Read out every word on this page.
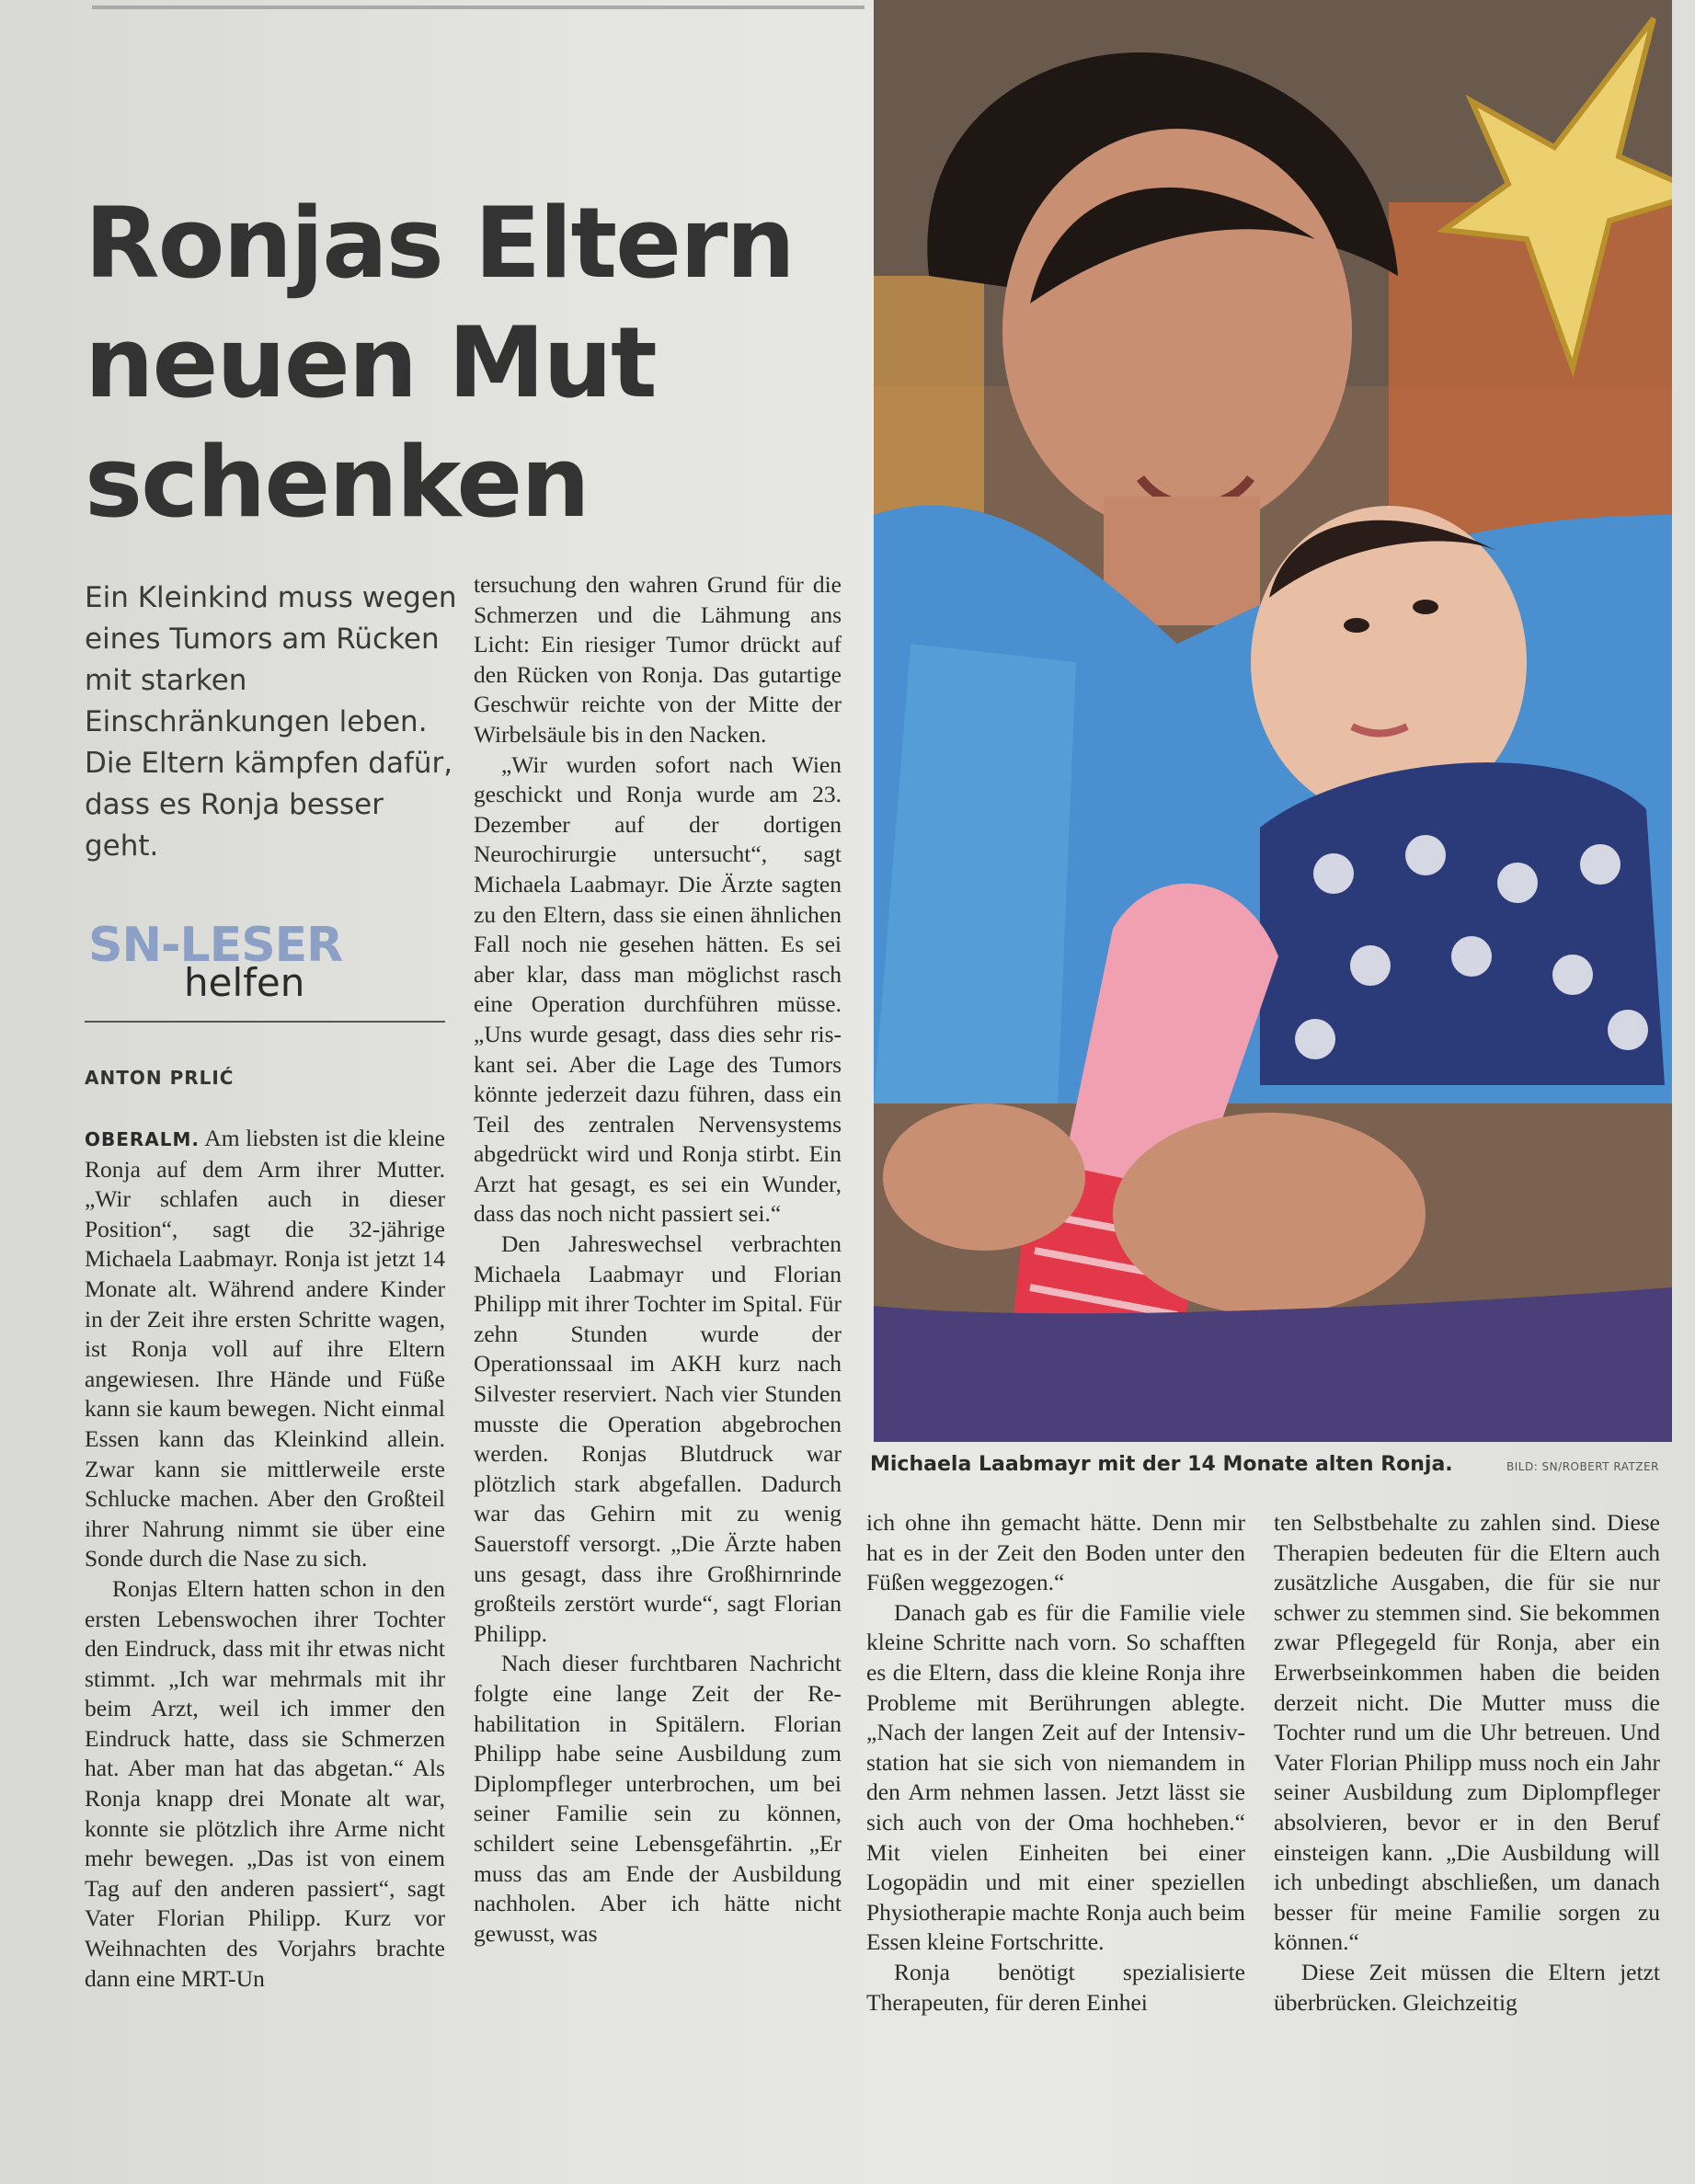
Ronjas Eltern neuen Mut schenken
Ein Kleinkind muss wegen eines Tumors am Rücken mit starken Einschränkungen leben. Die Eltern kämpfen dafür, dass es Ronja besser geht.
SN-LESER
helfen
ANTON PRLIĆ

OBERALM. Am liebsten ist die kleine Ronja auf dem Arm ihrer Mutter. „Wir schlafen auch in dieser Position“, sagt die 32-jährige Michaela Laabmayr. Ronja ist jetzt 14 Monate alt. Während andere Kinder in der Zeit ihre ersten Schritte wagen, ist Ronja voll auf ihre Eltern angewiesen. Ihre Hände und Füße kann sie kaum bewegen. Nicht einmal Essen kann das Kleinkind allein. Zwar kann sie mittlerweile erste Schlucke machen. Aber den Großteil ihrer Nahrung nimmt sie über eine Sonde durch die Nase zu sich.

Ronjas Eltern hatten schon in den ersten Lebenswochen ihrer Tochter den Eindruck, dass mit ihr etwas nicht stimmt. „Ich war mehrmals mit ihr beim Arzt, weil ich immer den Eindruck hatte, dass sie Schmerzen hat. Aber man hat das abgetan.“ Als Ronja knapp drei Monate alt war, konnte sie plötzlich ihre Arme nicht mehr bewegen. „Das ist von einem Tag auf den anderen passiert“, sagt Vater Florian Philipp. Kurz vor Weihnachten des Vorjahrs brachte dann eine MRT-Un

tersuchung den wahren Grund für die Schmerzen und die Lähmung ans Licht: Ein riesiger Tumor drückt auf den Rücken von Ronja. Das gutartige Geschwür reichte von der Mitte der Wirbelsäule bis in den Nacken.

„Wir wurden sofort nach Wien geschickt und Ronja wurde am 23. Dezember auf der dortigen Neurochirurgie untersucht“, sagt Michaela Laabmayr. Die Ärzte sagten zu den Eltern, dass sie einen ähnlichen Fall noch nie gesehen hätten. Es sei aber klar, dass man möglichst rasch eine Operation durchführen müsse. „Uns wurde gesagt, dass dies sehr riskant sei. Aber die Lage des Tumors könnte jederzeit dazu führen, dass ein Teil des zentralen Nervensystems abgedrückt wird und Ronja stirbt. Ein Arzt hat gesagt, es sei ein Wunder, dass das noch nicht passiert sei.“

Den Jahreswechsel verbrachten Michaela Laabmayr und Florian Philipp mit ihrer Tochter im Spital. Für zehn Stunden wurde der Operationssaal im AKH kurz nach Silvester reserviert. Nach vier Stunden musste die Operation abgebrochen werden. Ronjas Blutdruck war plötzlich stark abgefallen. Dadurch war das Gehirn mit zu wenig Sauerstoff versorgt. „Die Ärzte haben uns gesagt, dass ihre Großhirnrinde großteils zerstört wurde“, sagt Florian Philipp.

Nach dieser furchtbaren Nachricht folgte eine lange Zeit der Rehabilitation in Spitälern. Florian Philipp habe seine Ausbildung zum Diplompfleger unterbrochen, um bei seiner Familie sein zu können, schildert seine Lebensgefährtin. „Er muss das am Ende der Ausbildung nachholen. Aber ich hätte nicht gewusst, was

Michaela Laabmayr mit der 14 Monate alten Ronja.	BILD: SN/ROBERT RATZER

ich ohne ihn gemacht hätte. Denn mir hat es in der Zeit den Boden unter den Füßen weggezogen.“

Danach gab es für die Familie viele kleine Schritte nach vorn. So schafften es die Eltern, dass die kleine Ronja ihre Probleme mit Berührungen ablegte. „Nach der langen Zeit auf der Intensivstation hat sie sich von niemandem in den Arm nehmen lassen. Jetzt lässt sie sich auch von der Oma hochheben.“ Mit vielen Einheiten bei einer Logopädin und mit einer speziellen Physiotherapie machte Ronja auch beim Essen kleine Fortschritte.

Ronja benötigt spezialisierte Therapeuten, für deren Einhei

ten Selbstbehalte zu zahlen sind. Diese Therapien bedeuten für die Eltern auch zusätzliche Ausgaben, die für sie nur schwer zu stemmen sind. Sie bekommen zwar Pflegegeld für Ronja, aber ein Erwerbseinkommen haben die beiden derzeit nicht. Die Mutter muss die Tochter rund um die Uhr betreuen. Und Vater Florian Philipp muss noch ein Jahr seiner Ausbildung zum Diplompfleger absolvieren, bevor er in den Beruf einsteigen kann. „Die Ausbildung will ich unbedingt abschließen, um danach besser für meine Familie sorgen zu können.“

Diese Zeit müssen die Eltern jetzt überbrücken. Gleichzeitig
